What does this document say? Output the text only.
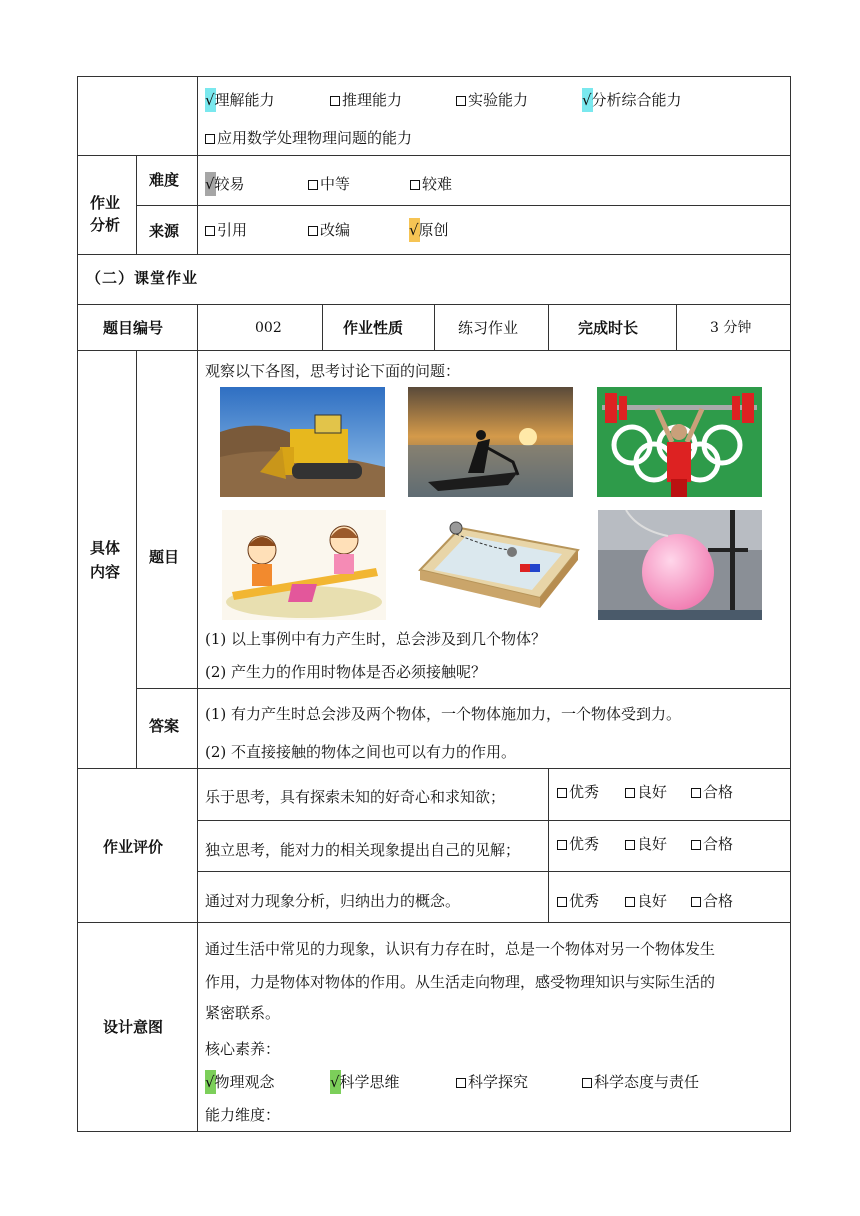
√理解能力	推理能力	实验能力	√分析综合能力
应用数学处理物理问题的能力
作业
分析
难度 √较易	中等	较难
来源	引用	改编	√原创
（二）课堂作业
题目编号	002	作业性质	练习作业	完成时长	3 分钟
具体
内容
题目
观察以下各图，思考讨论下面的问题：
(1) 以上事例中有力产生时，总会涉及到几个物体？
(2) 产生力的作用时物体是否必须接触呢？
答案
(1) 有力产生时总会涉及两个物体，一个物体施加力，一个物体受到力。
(2) 不直接接触的物体之间也可以有力的作用。
作业评价
乐于思考，具有探索未知的好奇心和求知欲；	优秀	良好	合格
独立思考，能对力的相关现象提出自己的见解；	优秀	良好	合格
通过对力现象分析，归纳出力的概念。	优秀	良好	合格
设计意图
通过生活中常见的力现象，认识有力存在时，总是一个物体对另一个物体发生
作用，力是物体对物体的作用。从生活走向物理，感受物理知识与实际生活的
紧密联系。
核心素养：
√物理观念	√科学思维	科学探究	科学态度与责任
能力维度：
